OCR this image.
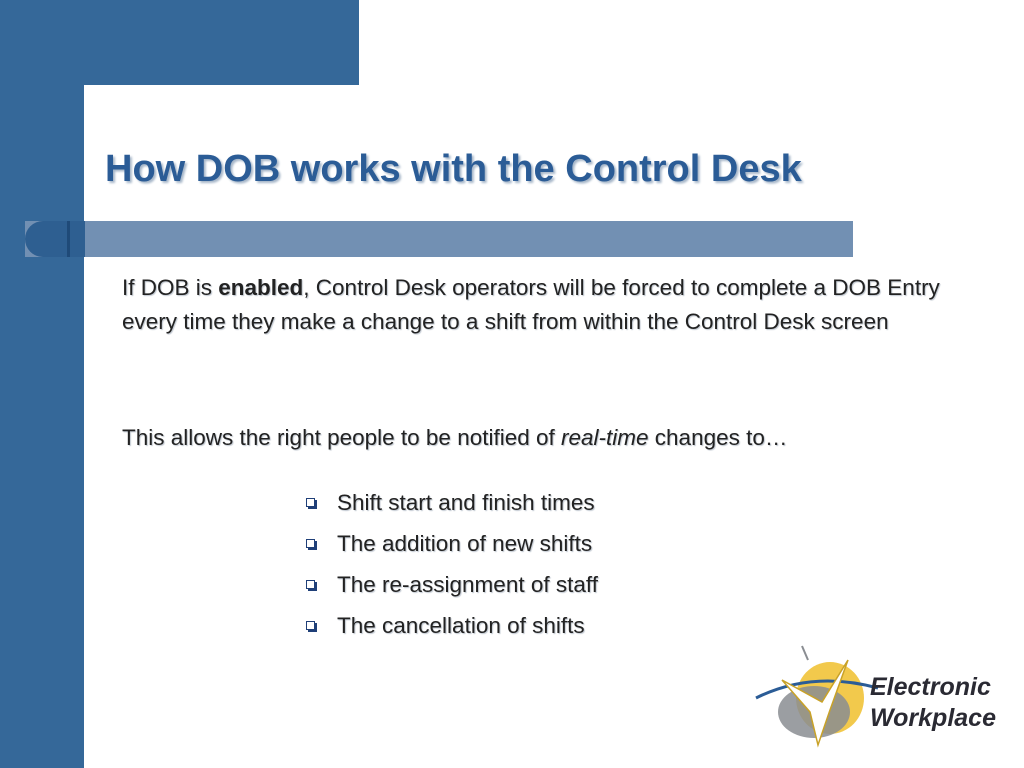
How DOB works with the Control Desk

If DOB is enabled, Control Desk operators will be forced to complete a DOB Entry every time they make a change to a shift from within the Control Desk screen

This allows the right people to be notified of real-time changes to…

Shift start and finish times
The addition of new shifts
The re-assignment of staff
The cancellation of shifts
Electronic
Workplace
